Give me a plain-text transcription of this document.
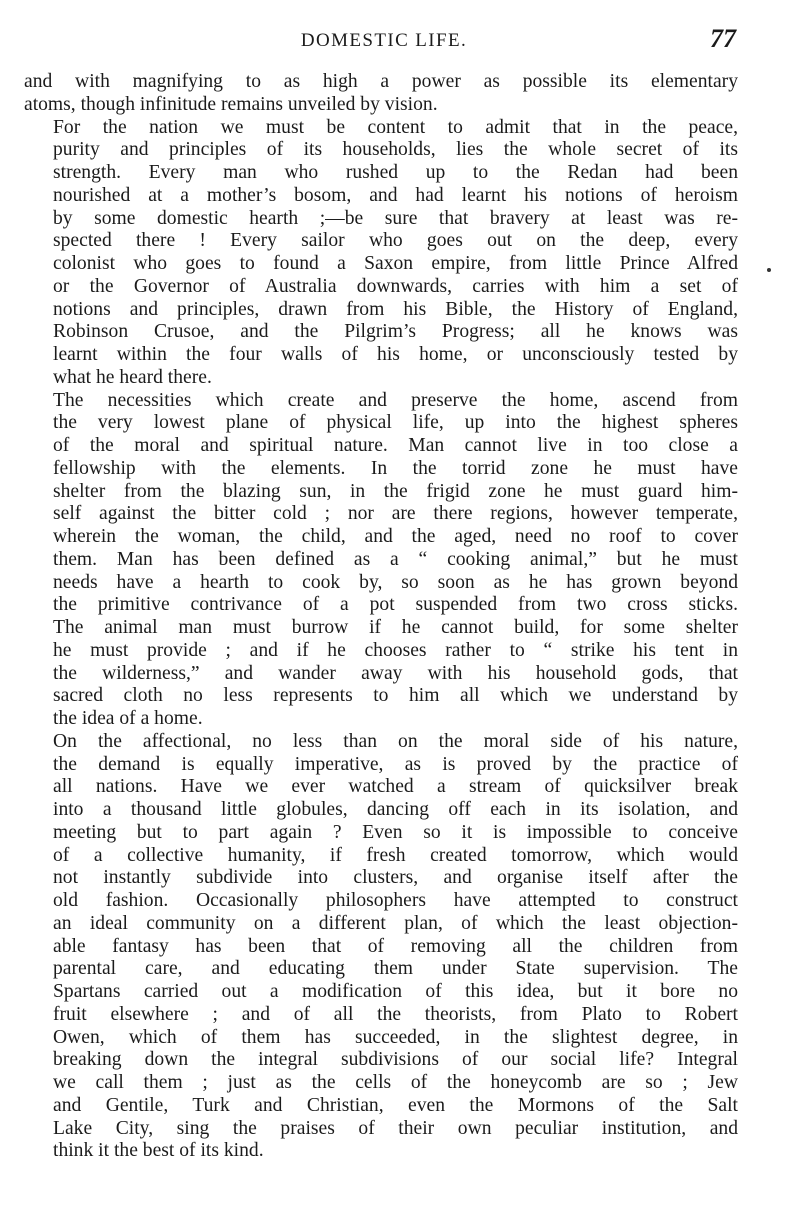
DOMESTIC LIFE.	77

and with magnifying to as high a power as possible its elementary
atoms, though infinitude remains unveiled by vision.

For the nation we must be content to admit that in the peace,
purity and principles of its households, lies the whole secret of its
strength. Every man who rushed up to the Redan had been
nourished at a mother’s bosom, and had learnt his notions of heroism
by some domestic hearth ;—be sure that bravery at least was re-
spected there ! Every sailor who goes out on the deep, every
colonist who goes to found a Saxon empire, from little Prince Alfred
or the Governor of Australia downwards, carries with him a set of
notions and principles, drawn from his Bible, the History of England,
Robinson Crusoe, and the Pilgrim’s Progress; all he knows was
learnt within the four walls of his home, or unconsciously tested by
what he heard there.

The necessities which create and preserve the home, ascend from
the very lowest plane of physical life, up into the highest spheres
of the moral and spiritual nature. Man cannot live in too close a
fellowship with the elements. In the torrid zone he must have
shelter from the blazing sun, in the frigid zone he must guard him-
self against the bitter cold ; nor are there regions, however temperate,
wherein the woman, the child, and the aged, need no roof to cover
them. Man has been defined as a “ cooking animal,” but he must
needs have a hearth to cook by, so soon as he has grown beyond
the primitive contrivance of a pot suspended from two cross sticks.
The animal man must burrow if he cannot build, for some shelter
he must provide ; and if he chooses rather to “ strike his tent in
the wilderness,” and wander away with his household gods, that
sacred cloth no less represents to him all which we understand by
the idea of a home.

On the affectional, no less than on the moral side of his nature,
the demand is equally imperative, as is proved by the practice of
all nations. Have we ever watched a stream of quicksilver break
into a thousand little globules, dancing off each in its isolation, and
meeting but to part again ? Even so it is impossible to conceive
of a collective humanity, if fresh created tomorrow, which would
not instantly subdivide into clusters, and organise itself after the
old fashion. Occasionally philosophers have attempted to construct
an ideal community on a different plan, of which the least objection-
able fantasy has been that of removing all the children from
parental care, and educating them under State supervision. The
Spartans carried out a modification of this idea, but it bore no
fruit elsewhere ; and of all the theorists, from Plato to Robert
Owen, which of them has succeeded, in the slightest degree, in
breaking down the integral subdivisions of our social life? Integral
we call them ; just as the cells of the honeycomb are so ; Jew
and Gentile, Turk and Christian, even the Mormons of the Salt
Lake City, sing the praises of their own peculiar institution, and
think it the best of its kind.
